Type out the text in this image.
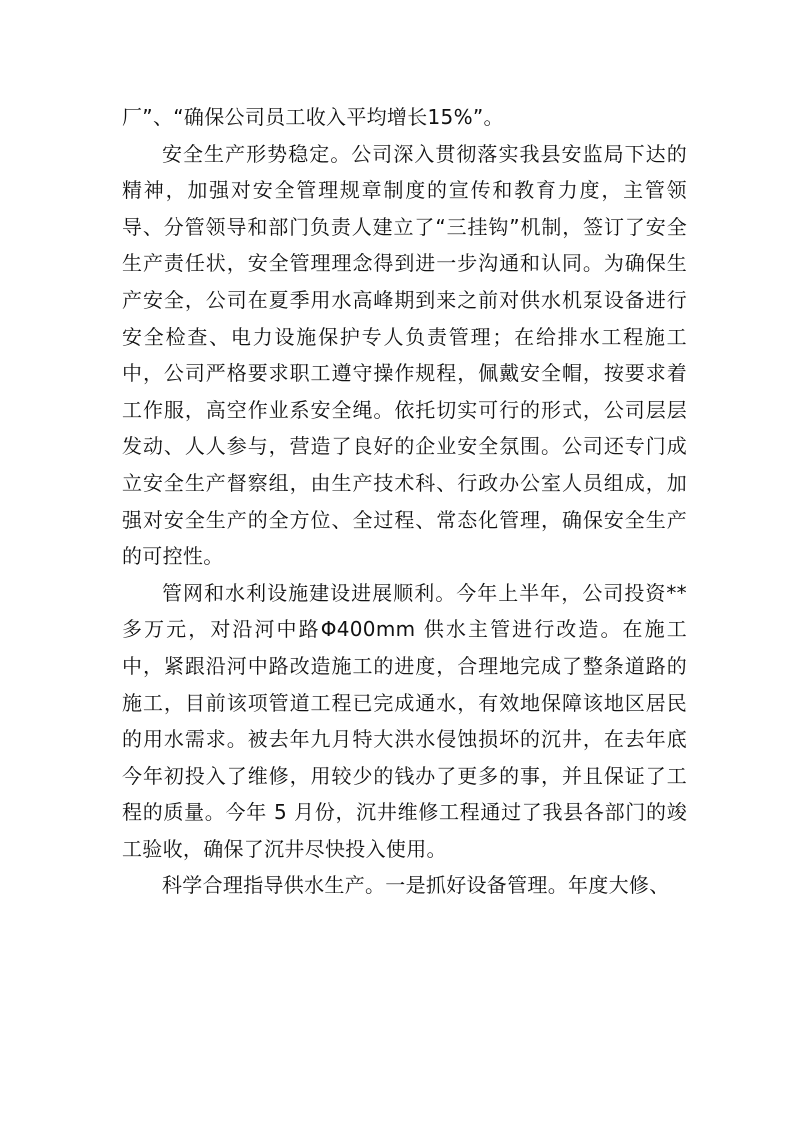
厂”、“确保公司员工收入平均增长15%”。

安全生产形势稳定。公司深入贯彻落实我县安监局下达的精神，加强对安全管理规章制度的宣传和教育力度，主管领导、分管领导和部门负责人建立了“三挂钩”机制，签订了安全生产责任状，安全管理理念得到进一步沟通和认同。为确保生产安全，公司在夏季用水高峰期到来之前对供水机泵设备进行安全检查、电力设施保护专人负责管理；在给排水工程施工中，公司严格要求职工遵守操作规程，佩戴安全帽，按要求着工作服，高空作业系安全绳。依托切实可行的形式，公司层层发动、人人参与，营造了良好的企业安全氛围。公司还专门成立安全生产督察组，由生产技术科、行政办公室人员组成，加强对安全生产的全方位、全过程、常态化管理，确保安全生产的可控性。

管网和水利设施建设进展顺利。今年上半年，公司投资**多万元，对沿河中路Φ400mm 供水主管进行改造。在施工中，紧跟沿河中路改造施工的进度，合理地完成了整条道路的施工，目前该项管道工程已完成通水，有效地保障该地区居民的用水需求。被去年九月特大洪水侵蚀损坏的沉井，在去年底今年初投入了维修，用较少的钱办了更多的事，并且保证了工程的质量。今年 5 月份，沉井维修工程通过了我县各部门的竣工验收，确保了沉井尽快投入使用。

科学合理指导供水生产。一是抓好设备管理。年度大修、
